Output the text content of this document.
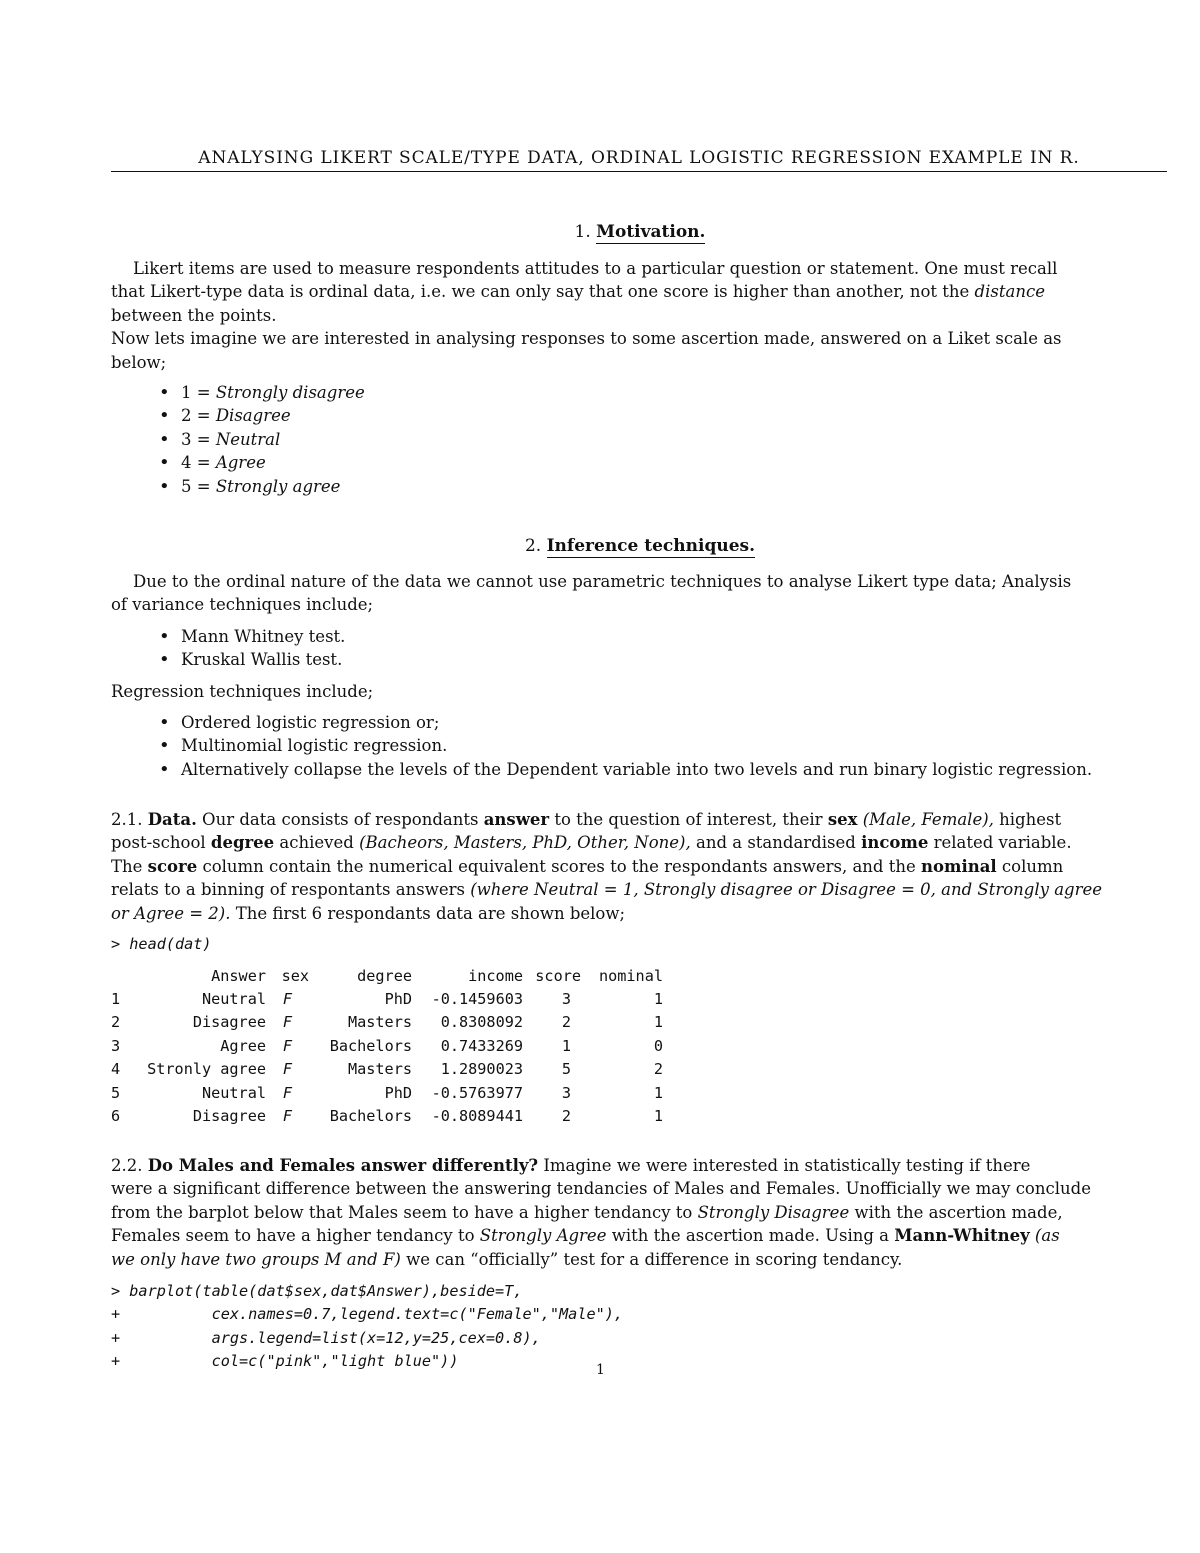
ANALYSING LIKERT SCALE/TYPE DATA, ORDINAL LOGISTIC REGRESSION EXAMPLE IN R.
1. Motivation.
Likert items are used to measure respondents attitudes to a particular question or statement. One must recall
that Likert-type data is ordinal data, i.e. we can only say that one score is higher than another, not the distance
between the points.
Now lets imagine we are interested in analysing responses to some ascertion made, answered on a Liket scale as
below;
• 1 = Strongly disagree
• 2 = Disagree
• 3 = Neutral
• 4 = Agree
• 5 = Strongly agree
2. Inference techniques.
Due to the ordinal nature of the data we cannot use parametric techniques to analyse Likert type data; Analysis
of variance techniques include;
• Mann Whitney test.
• Kruskal Wallis test.
Regression techniques include;
• Ordered logistic regression or;
• Multinomial logistic regression.
• Alternatively collapse the levels of the Dependent variable into two levels and run binary logistic regression.
2.1. Data. Our data consists of respondants answer to the question of interest, their sex (Male, Female), highest
post-school degree achieved (Bacheors, Masters, PhD, Other, None), and a standardised income related variable.
The score column contain the numerical equivalent scores to the respondants answers, and the nominal column
relats to a binning of respontants answers (where Neutral = 1, Strongly disagree or Disagree = 0, and Strongly agree
or Agree = 2). The first 6 respondants data are shown below;
> head(dat)
	Answer	sex	degree	income	score	nominal
1	Neutral	F	PhD	-0.1459603	3	1
2	Disagree	F	Masters	0.8308092	2	1
3	Agree	F	Bachelors	0.7433269	1	0
4	Stronly agree	F	Masters	1.2890023	5	2
5	Neutral	F	PhD	-0.5763977	3	1
6	Disagree	F	Bachelors	-0.8089441	2	1
2.2. Do Males and Females answer differently? Imagine we were interested in statistically testing if there
were a significant difference between the answering tendancies of Males and Females. Unofficially we may conclude
from the barplot below that Males seem to have a higher tendancy to Strongly Disagree with the ascertion made,
Females seem to have a higher tendancy to Strongly Agree with the ascertion made. Using a Mann-Whitney (as
we only have two groups M and F) we can “officially” test for a difference in scoring tendancy.
> barplot(table(dat$sex,dat$Answer),beside=T,
+          cex.names=0.7,legend.text=c("Female","Male"),
+          args.legend=list(x=12,y=25,cex=0.8),
+          col=c("pink","light blue"))	1
